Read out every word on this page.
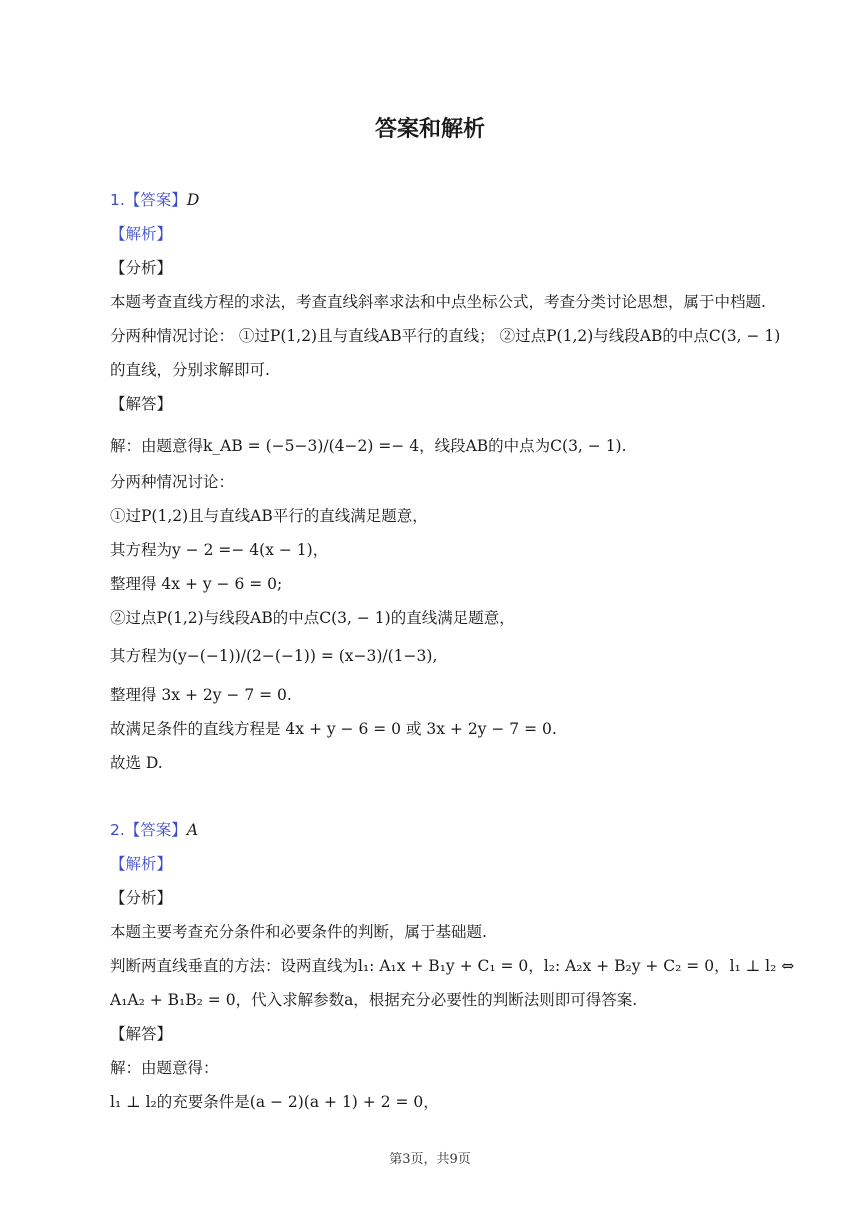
答案和解析
1.【答案】D
【解析】
【分析】
本题考查直线方程的求法，考查直线斜率求法和中点坐标公式，考查分类讨论思想，属于中档题.
分两种情况讨论： ①过P(1,2)且与直线AB平行的直线； ②过点P(1,2)与线段AB的中点C(3, − 1)
的直线，分别求解即可.
【解答】
解：由题意得k_AB = (−5−3)/(4−2) =− 4，线段AB的中点为C(3, − 1).
分两种情况讨论：
①过P(1,2)且与直线AB平行的直线满足题意，
其方程为y − 2 =− 4(x − 1)，
整理得 4x + y − 6 = 0;
②过点P(1,2)与线段AB的中点C(3, − 1)的直线满足题意，
其方程为(y−(−1))/(2−(−1)) = (x−3)/(1−3),
整理得 3x + 2y − 7 = 0.
故满足条件的直线方程是 4x + y − 6 = 0 或 3x + 2y − 7 = 0.
故选 D.
2.【答案】A
【解析】
【分析】
本题主要考查充分条件和必要条件的判断，属于基础题.
判断两直线垂直的方法：设两直线为l₁: A₁x + B₁y + C₁ = 0，l₂: A₂x + B₂y + C₂ = 0，l₁ ⊥ l₂ ⇔
A₁A₂ + B₁B₂ = 0，代入求解参数a，根据充分必要性的判断法则即可得答案.
【解答】
解：由题意得：
l₁ ⊥ l₂的充要条件是(a − 2)(a + 1) + 2 = 0，
第3页，共9页
